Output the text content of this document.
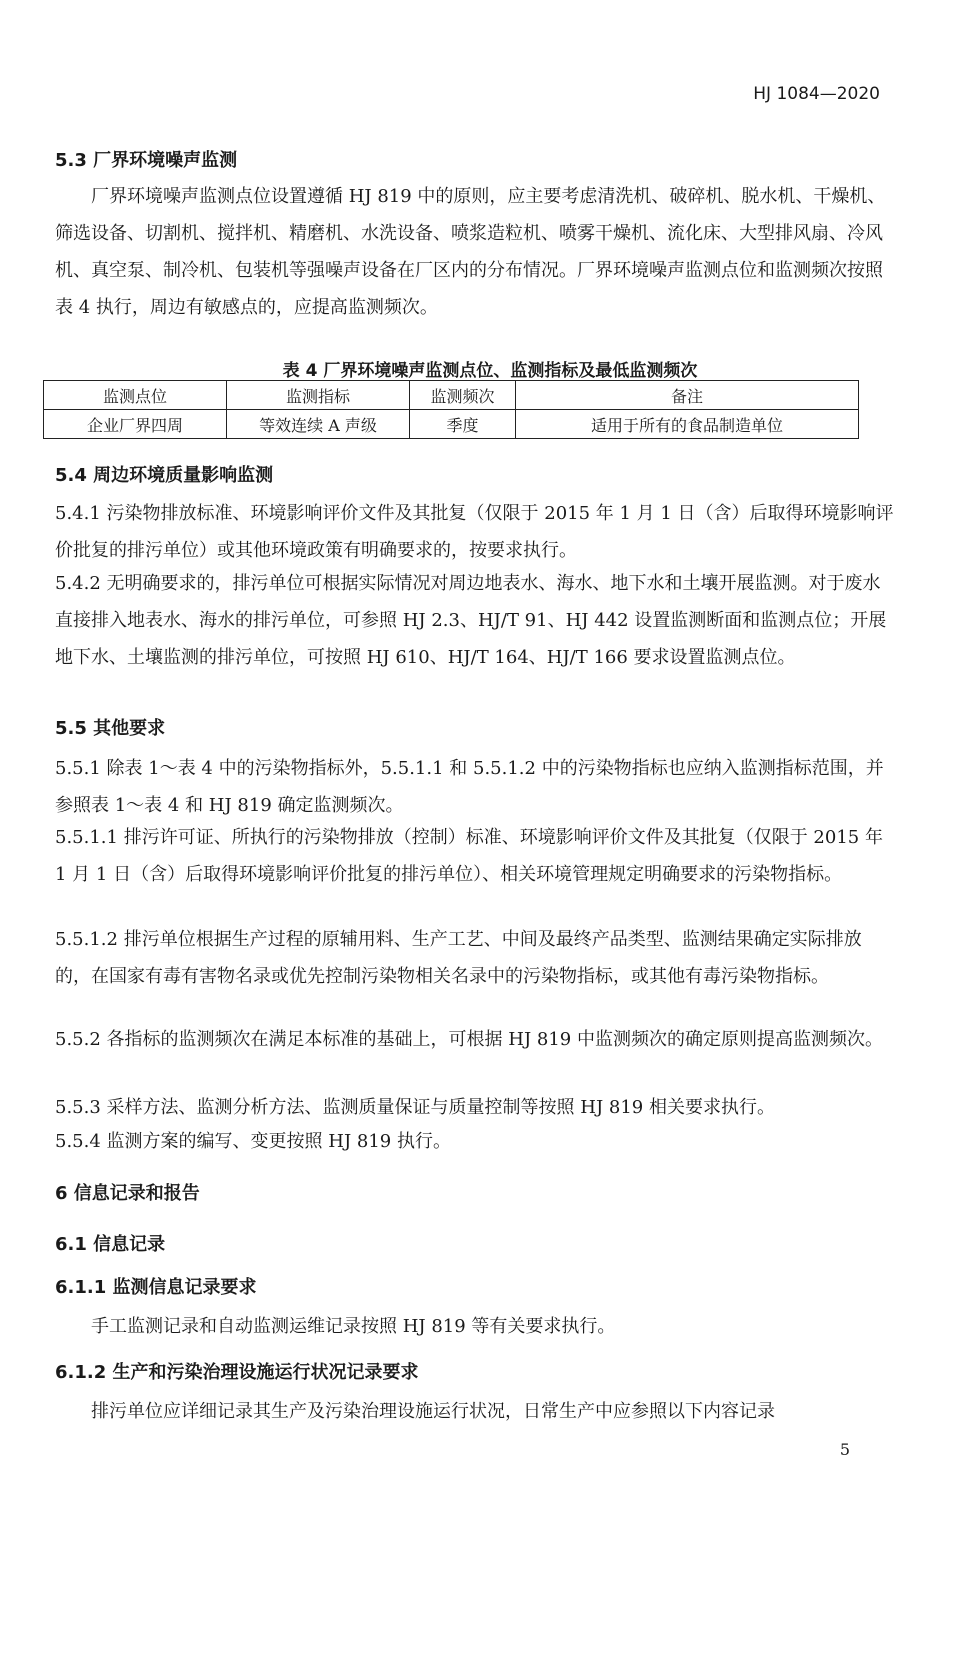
HJ 1084—2020
5.3 厂界环境噪声监测
厂界环境噪声监测点位设置遵循 HJ 819 中的原则，应主要考虑清洗机、破碎机、脱水机、干燥机、筛选设备、切割机、搅拌机、精磨机、水洗设备、喷浆造粒机、喷雾干燥机、流化床、大型排风扇、冷风机、真空泵、制冷机、包装机等强噪声设备在厂区内的分布情况。厂界环境噪声监测点位和监测频次按照表 4 执行，周边有敏感点的，应提高监测频次。
表 4 厂界环境噪声监测点位、监测指标及最低监测频次
监测点位	监测指标	监测频次	备注
企业厂界四周	等效连续 A 声级	季度	适用于所有的食品制造单位
5.4 周边环境质量影响监测
5.4.1 污染物排放标准、环境影响评价文件及其批复（仅限于 2015 年 1 月 1 日（含）后取得环境影响评价批复的排污单位）或其他环境政策有明确要求的，按要求执行。
5.4.2 无明确要求的，排污单位可根据实际情况对周边地表水、海水、地下水和土壤开展监测。对于废水直接排入地表水、海水的排污单位，可参照 HJ 2.3、HJ/T 91、HJ 442 设置监测断面和监测点位；开展地下水、土壤监测的排污单位，可按照 HJ 610、HJ/T 164、HJ/T 166 要求设置监测点位。
5.5 其他要求
5.5.1 除表 1～表 4 中的污染物指标外，5.5.1.1 和 5.5.1.2 中的污染物指标也应纳入监测指标范围，并参照表 1～表 4 和 HJ 819 确定监测频次。
5.5.1.1 排污许可证、所执行的污染物排放（控制）标准、环境影响评价文件及其批复（仅限于 2015 年 1 月 1 日（含）后取得环境影响评价批复的排污单位）、相关环境管理规定明确要求的污染物指标。
5.5.1.2 排污单位根据生产过程的原辅用料、生产工艺、中间及最终产品类型、监测结果确定实际排放的，在国家有毒有害物名录或优先控制污染物相关名录中的污染物指标，或其他有毒污染物指标。
5.5.2 各指标的监测频次在满足本标准的基础上，可根据 HJ 819 中监测频次的确定原则提高监测频次。
5.5.3 采样方法、监测分析方法、监测质量保证与质量控制等按照 HJ 819 相关要求执行。
5.5.4 监测方案的编写、变更按照 HJ 819 执行。
6 信息记录和报告
6.1 信息记录
6.1.1 监测信息记录要求
手工监测记录和自动监测运维记录按照 HJ 819 等有关要求执行。
6.1.2 生产和污染治理设施运行状况记录要求
排污单位应详细记录其生产及污染治理设施运行状况，日常生产中应参照以下内容记录
5
